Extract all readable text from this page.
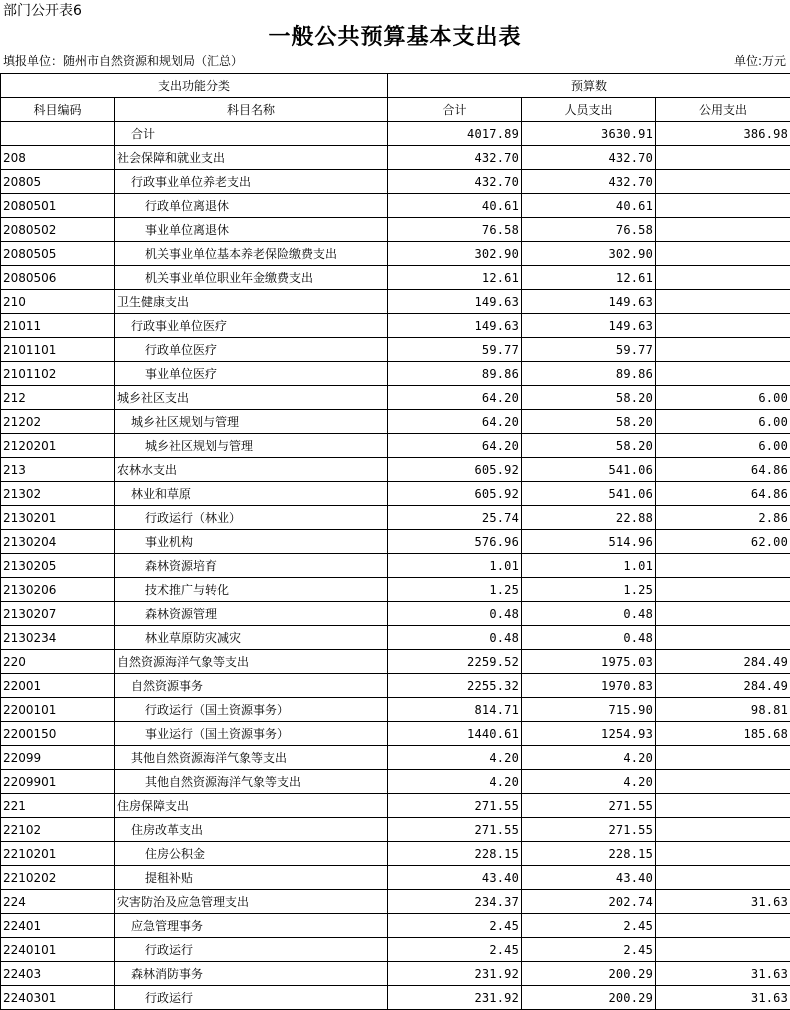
部门公开表6
一般公共预算基本支出表
填报单位：随州市自然资源和规划局（汇总）	单位:万元
支出功能分类		预算数		
科目编码	科目名称	合计	人员支出	公用支出
	合计	4017.89	3630.91	386.98
208	社会保障和就业支出	432.70	432.70	
20805	行政事业单位养老支出	432.70	432.70	
2080501	行政单位离退休	40.61	40.61	
2080502	事业单位离退休	76.58	76.58	
2080505	机关事业单位基本养老保险缴费支出	302.90	302.90	
2080506	机关事业单位职业年金缴费支出	12.61	12.61	
210	卫生健康支出	149.63	149.63	
21011	行政事业单位医疗	149.63	149.63	
2101101	行政单位医疗	59.77	59.77	
2101102	事业单位医疗	89.86	89.86	
212	城乡社区支出	64.20	58.20	6.00
21202	城乡社区规划与管理	64.20	58.20	6.00
2120201	城乡社区规划与管理	64.20	58.20	6.00
213	农林水支出	605.92	541.06	64.86
21302	林业和草原	605.92	541.06	64.86
2130201	行政运行（林业）	25.74	22.88	2.86
2130204	事业机构	576.96	514.96	62.00
2130205	森林资源培育	1.01	1.01	
2130206	技术推广与转化	1.25	1.25	
2130207	森林资源管理	0.48	0.48	
2130234	林业草原防灾减灾	0.48	0.48	
220	自然资源海洋气象等支出	2259.52	1975.03	284.49
22001	自然资源事务	2255.32	1970.83	284.49
2200101	行政运行（国土资源事务）	814.71	715.90	98.81
2200150	事业运行（国土资源事务）	1440.61	1254.93	185.68
22099	其他自然资源海洋气象等支出	4.20	4.20	
2209901	其他自然资源海洋气象等支出	4.20	4.20	
221	住房保障支出	271.55	271.55	
22102	住房改革支出	271.55	271.55	
2210201	住房公积金	228.15	228.15	
2210202	提租补贴	43.40	43.40	
224	灾害防治及应急管理支出	234.37	202.74	31.63
22401	应急管理事务	2.45	2.45	
2240101	行政运行	2.45	2.45	
22403	森林消防事务	231.92	200.29	31.63
2240301	行政运行	231.92	200.29	31.63
